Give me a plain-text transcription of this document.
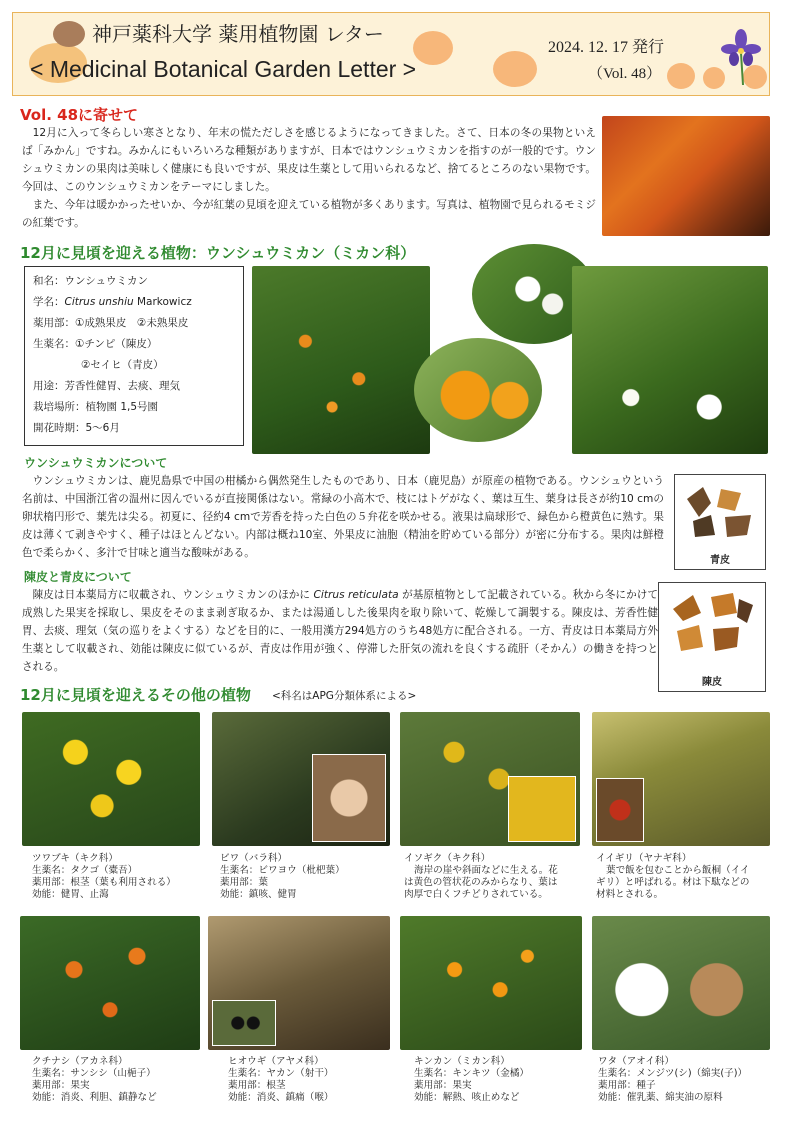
神戸薬科大学 薬用植物園 レター
< Medicinal Botanical Garden Letter >
2024. 12. 17 発行
（Vol. 48）
Vol. 48に寄せて

12月に入って冬らしい寒さとなり、年末の慌ただしさを感じるようになってきました。さて、日本の冬の果物といえば「みかん」ですね。みかんにもいろいろな種類がありますが、日本ではウンシュウミカンを指すのが一般的です。ウンシュウミカンの果肉は美味しく健康にも良いですが、果皮は生薬として用いられるなど、捨てるところのない果物です。今回は、このウンシュウミカンをテーマにしました。

また、今年は暖かかったせいか、今が紅葉の見頃を迎えている植物が多くあります。写真は、植物園で見られるモミジの紅葉です。

12月に見頃を迎える植物：ウンシュウミカン（ミカン科）
和名：ウンシュウミカン
学名：Citrus unshiu Markowicz
薬用部：①成熟果皮　②未熟果皮
生薬名：①チンピ（陳皮）
②セイヒ（青皮）
用途：芳香性健胃、去痰、理気
栽培場所：植物園 1,5号園
開花時期：5～6月
ウンシュウミカンについて

ウンシュウミカンは、鹿児島県で中国の柑橘から偶然発生したものであり、日本（鹿児島）が原産の植物である。ウンシュウという名前は、中国浙江省の温州に因んでいるが直接関係はない。常緑の小高木で、枝にはトゲがなく、葉は互生、葉身は長さが約10 cmの卵状楕円形で、葉先は尖る。初夏に、径約4 cmで芳香を持った白色の５弁花を咲かせる。液果は扁球形で、緑色から橙黄色に熟す。果皮は薄くて剥きやすく、種子はほとんどない。内部は概ね10室、外果皮に油胞（精油を貯めている部分）が密に分布する。果肉は鮮橙色で柔らかく、多汁で甘味と適当な酸味がある。

陳皮と青皮について

陳皮は日本薬局方に収載され、ウンシュウミカンのほかに Citrus reticulata が基原植物として記載されている。秋から冬にかけて成熟した果実を採取し、果皮をそのまま剥ぎ取るか、または湯通しした後果肉を取り除いて、乾燥して調製する。陳皮は、芳香性健胃、去痰、理気（気の巡りをよくする）などを目的に、一般用漢方294処方のうち48処方に配合される。一方、青皮は日本薬局方外生薬として収載され、効能は陳皮に似ているが、青皮は作用が強く、停滞した肝気の流れを良くする疏肝（そかん）の働きを持つとされる。

青皮
陳皮
12月に見頃を迎えるその他の植物 <科名はAPG分類体系による>
ツワブキ（キク科）
生薬名：タクゴ（橐吾）
薬用部：根茎（葉も利用される）
効能：健胃、止瀉
ビワ（バラ科）
生薬名：ビワヨウ（枇杷葉）
薬用部：葉
効能：鎮咳、健胃
イソギク（キク科）
海岸の崖や斜面などに生える。花
は黄色の管状花のみからなり、葉は
肉厚で白くフチどりされている。
イイギリ（ヤナギ科）
葉で飯を包むことから飯桐（イイ
ギリ）と呼ばれる。材は下駄などの
材料とされる。
クチナシ（アカネ科）
生薬名：サンシシ（山梔子）
薬用部：果実
効能：消炎、利胆、鎮静など
ヒオウギ（アヤメ科）
生薬名：ヤカン（射干）
薬用部：根茎
効能：消炎、鎮痛（喉）
キンカン（ミカン科）
生薬名：キンキツ（金橘）
薬用部：果実
効能：解熱、咳止めなど
ワタ（アオイ科）
生薬名：メンジツ(シ)（綿実(子)）
薬用部：種子
効能：催乳薬、綿実油の原料
